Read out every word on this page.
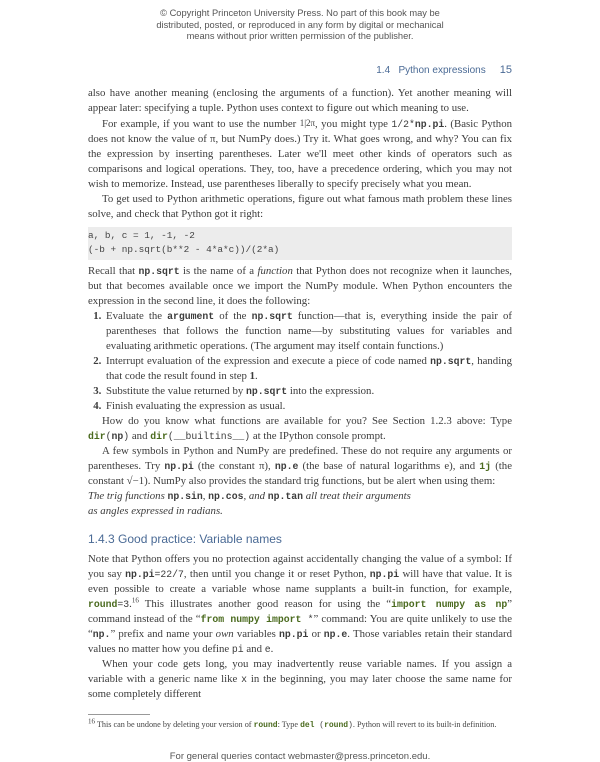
© Copyright Princeton University Press. No part of this book may be
distributed, posted, or reproduced in any form by digital or mechanical
means without prior written permission of the publisher.
1.4   Python expressions 15

also have another meaning (enclosing the arguments of a function). Yet another meaning will appear later: specifying a tuple. Python uses context to figure out which meaning to use.

For example, if you want to use the number 1|2π, you might type 1/2*np.pi. (Basic Python does not know the value of π, but NumPy does.) Try it. What goes wrong, and why? You can fix the expression by inserting parentheses. Later we'll meet other kinds of operators such as comparisons and logical operations. They, too, have a precedence ordering, which you may not wish to memorize. Instead, use parentheses liberally to specify precisely what you mean.

To get used to Python arithmetic operations, figure out what famous math problem these lines solve, and check that Python got it right:

a, b, c = 1, -1, -2
(-b + np.sqrt(b**2 - 4*a*c))/(2*a)

Recall that np.sqrt is the name of a function that Python does not recognize when it launches, but that becomes available once we import the NumPy module. When Python encounters the expression in the second line, it does the following:

1. Evaluate the argument of the np.sqrt function—that is, everything inside the pair of parentheses that follows the function name—by substituting values for variables and evaluating arithmetic operations. (The argument may itself contain functions.)
2. Interrupt evaluation of the expression and execute a piece of code named np.sqrt, handing that code the result found in step 1.
3. Substitute the value returned by np.sqrt into the expression.
4. Finish evaluating the expression as usual.

How do you know what functions are available for you? See Section 1.2.3 above: Type dir(np) and dir(__builtins__) at the IPython console prompt.

A few symbols in Python and NumPy are predefined. These do not require any arguments or parentheses. Try np.pi (the constant π), np.e (the base of natural logarithms e), and 1j (the constant √−1). NumPy also provides the standard trig functions, but be alert when using them:

The trig functions np.sin, np.cos, and np.tan all treat their arguments as angles expressed in radians.

1.4.3 Good practice: Variable names

Note that Python offers you no protection against accidentally changing the value of a symbol: If you say np.pi=22/7, then until you change it or reset Python, np.pi will have that value. It is even possible to create a variable whose name supplants a built-in function, for example, round=3.16 This illustrates another good reason for using the “import numpy as np” command instead of the “from numpy import *” command: You are quite unlikely to use the “np.” prefix and name your own variables np.pi or np.e. Those variables retain their standard values no matter how you define pi and e.

When your code gets long, you may inadvertently reuse variable names. If you assign a variable with a generic name like x in the beginning, you may later choose the same name for some completely different

$^{16}$ This can be undone by deleting your version of round: Type del (round). Python will revert to its built-in definition.
For general queries contact webmaster@press.princeton.edu.
